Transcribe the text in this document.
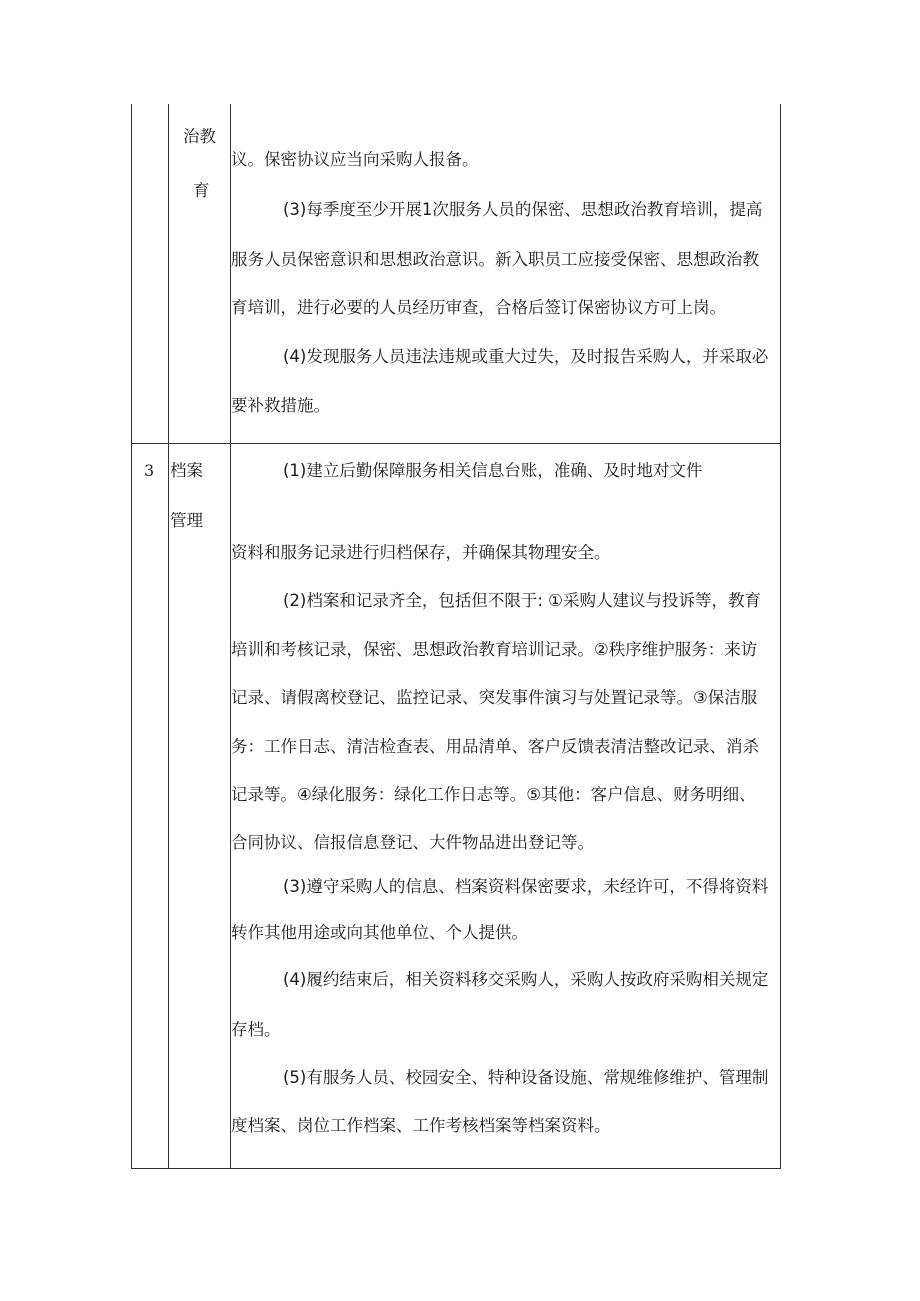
治教
育
议。保密协议应当向采购人报备。
(3)每季度至少开展1次服务人员的保密、思想政治教育培训，提高
服务人员保密意识和思想政治意识。新入职员工应接受保密、思想政治教
育培训，进行必要的人员经历审查，合格后签订保密协议方可上岗。
(4)发现服务人员违法违规或重大过失，及时报告采购人，并采取必
要补救措施。
3 档案
管理
(1)建立后勤保障服务相关信息台账，准确、及时地对文件
资料和服务记录进行归档保存，并确保其物理安全。
(2)档案和记录齐全，包括但不限于: ①采购人建议与投诉等，教育
培训和考核记录，保密、思想政治教育培训记录。②秩序维护服务：来访
记录、请假离校登记、监控记录、突发事件演习与处置记录等。③保洁服
务：工作日志、清洁检查表、用品清单、客户反馈表清洁整改记录、消杀
记录等。④绿化服务：绿化工作日志等。⑤其他：客户信息、财务明细、
合同协议、信报信息登记、大件物品进出登记等。
(3)遵守采购人的信息、档案资料保密要求，未经许可，不得将资料
转作其他用途或向其他单位、个人提供。
(4)履约结束后，相关资料移交采购人，采购人按政府采购相关规定
存档。
(5)有服务人员、校园安全、特种设备设施、常规维修维护、管理制
度档案、岗位工作档案、工作考核档案等档案资料。
